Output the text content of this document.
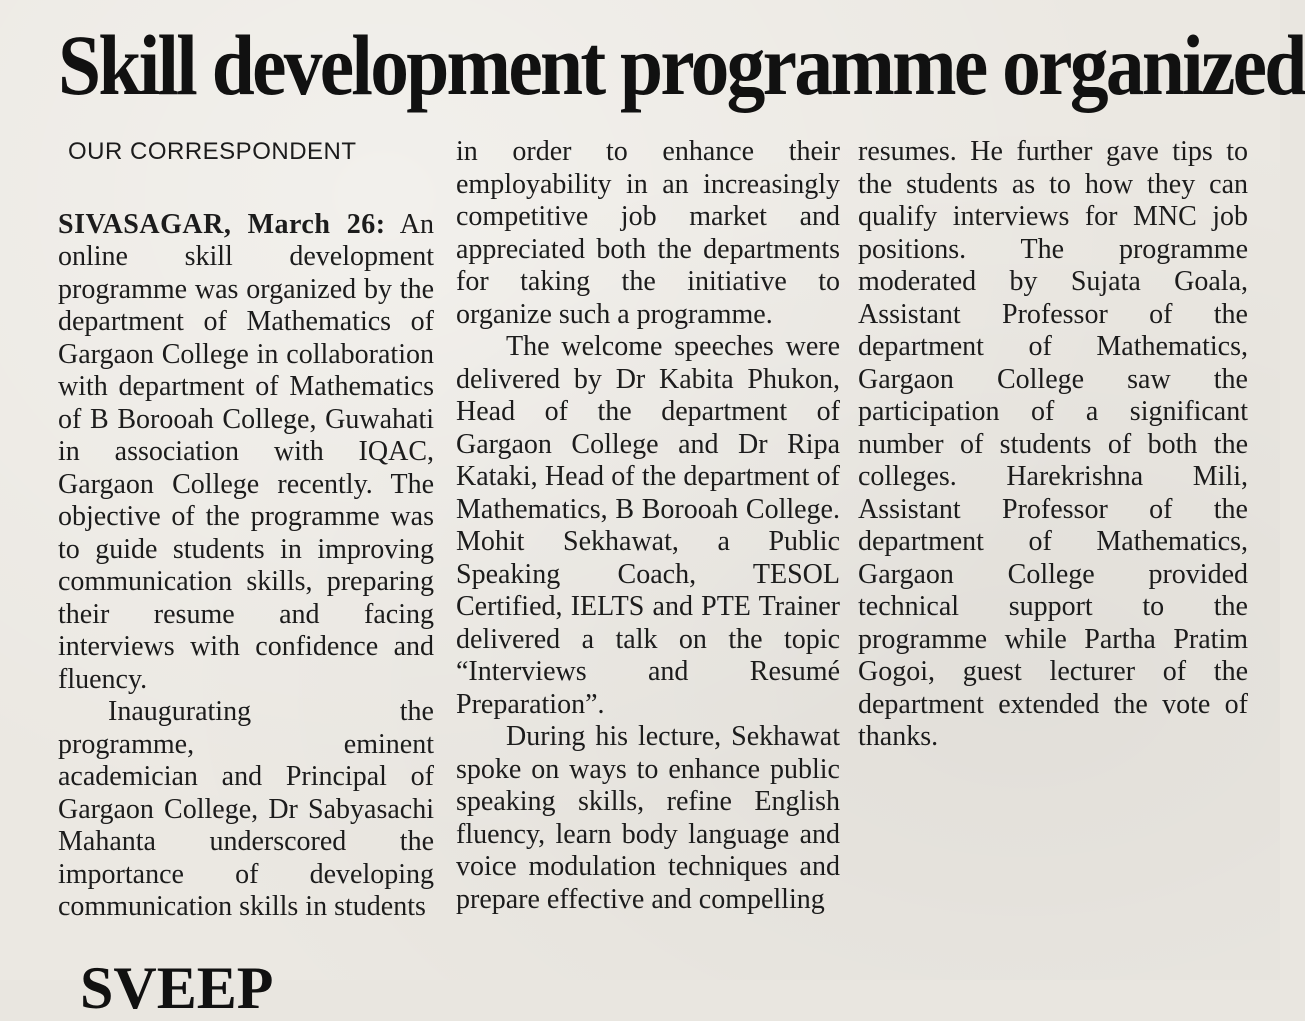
Skill development programme organized

OUR CORRESPONDENT

SIVASAGAR, March 26: An online skill development programme was organized by the department of Mathematics of Gargaon College in collaboration with department of Mathematics of B Borooah College, Guwahati in association with IQAC, Gargaon College recently. The objective of the programme was to guide students in improving communication skills, preparing their resume and facing interviews with confidence and fluency.

Inaugurating the programme, eminent academician and Principal of Gargaon College, Dr Sabyasachi Mahanta underscored the importance of developing communication skills in students

in order to enhance their employability in an increasingly competitive job market and appreciated both the departments for taking the initiative to organize such a programme.

The welcome speeches were delivered by Dr Kabita Phukon, Head of the department of Gargaon College and Dr Ripa Kataki, Head of the department of Mathematics, B Borooah College. Mohit Sekhawat, a Public Speaking Coach, TESOL Certified, IELTS and PTE Trainer delivered a talk on the topic “Interviews and Resumé Preparation”.

During his lecture, Sekhawat spoke on ways to enhance public speaking skills, refine English fluency, learn body language and voice modulation techniques and prepare effective and compelling

resumes. He further gave tips to the students as to how they can qualify interviews for MNC job positions. The programme moderated by Sujata Goala, Assistant Professor of the department of Mathematics, Gargaon College saw the participation of a significant number of students of both the colleges. Harekrishna Mili, Assistant Professor of the department of Mathematics, Gargaon College provided technical support to the programme while Partha Pratim Gogoi, guest lecturer of the department extended the vote of thanks.

SVEEP
